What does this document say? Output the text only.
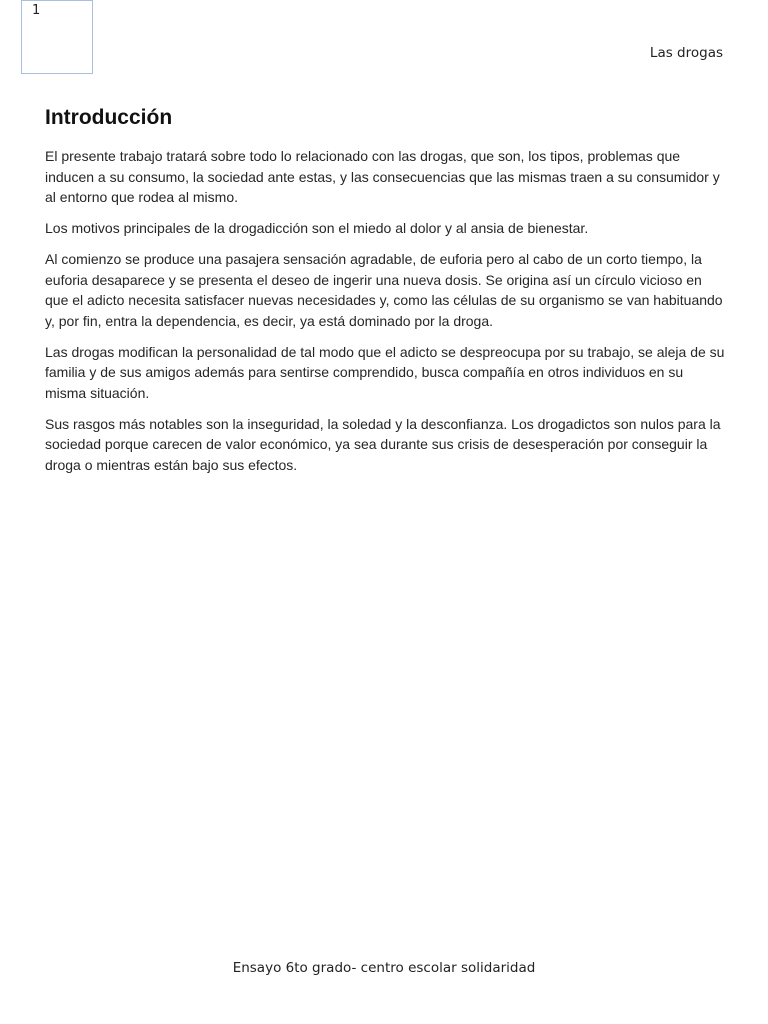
1
Las drogas
Introducción

El presente trabajo tratará sobre todo lo relacionado con las drogas, que son, los tipos, problemas que inducen a su consumo, la sociedad ante estas, y las consecuencias que las mismas traen a su consumidor y al entorno que rodea al mismo.

Los motivos principales de la drogadicción son el miedo al dolor y al ansia de bienestar.

Al comienzo se produce una pasajera sensación agradable, de euforia pero al cabo de un corto tiempo, la euforia desaparece y se presenta el deseo de ingerir una nueva dosis. Se origina así un círculo vicioso en que el adicto necesita satisfacer nuevas necesidades y, como las células de su organismo se van habituando y, por fin, entra la dependencia, es decir, ya está dominado por la droga.

Las drogas modifican la personalidad de tal modo que el adicto se despreocupa por su trabajo, se aleja de su familia y de sus amigos además para sentirse comprendido, busca compañía en otros individuos en su misma situación.

Sus rasgos más notables son la inseguridad, la soledad y la desconfianza. Los drogadictos son nulos para la sociedad porque carecen de valor económico, ya sea durante sus crisis de desesperación por conseguir la droga o mientras están bajo sus efectos.

Ensayo 6to grado- centro escolar solidaridad
